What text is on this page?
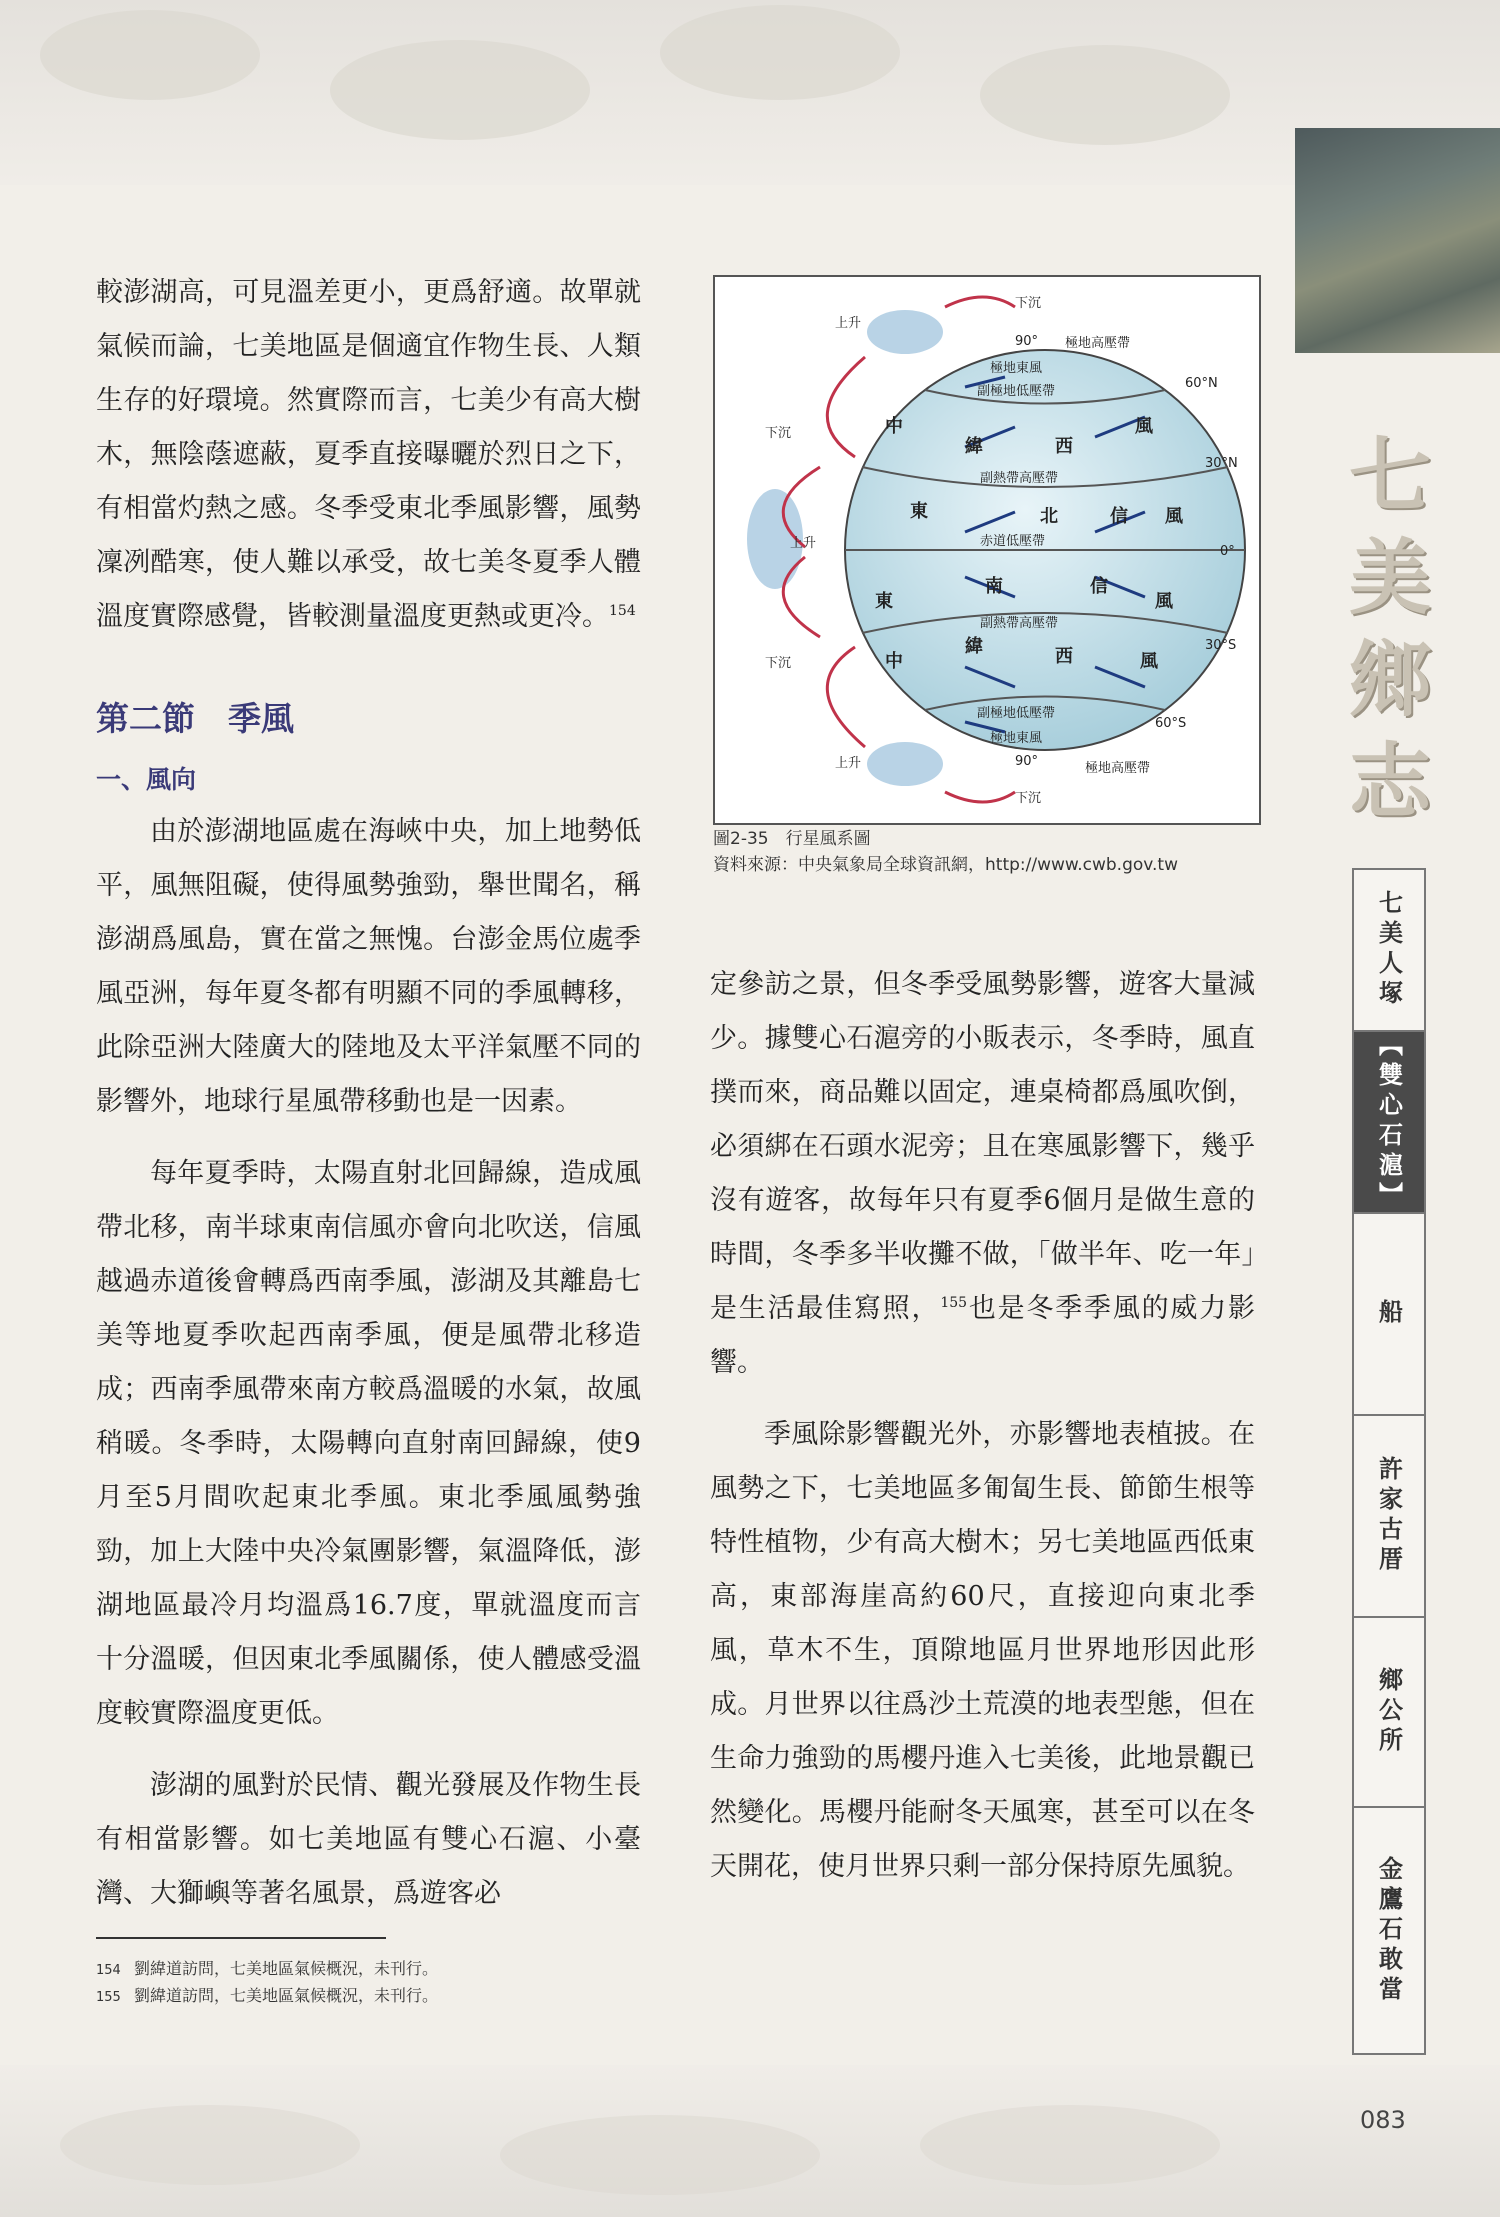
七
美
鄉
志
七美人塚
【雙心石滬】
船
許家古厝
鄉公所
金鷹石敢當

較澎湖高，可見溫差更小，更爲舒適。故單就氣候而論，七美地區是個適宜作物生長、人類生存的好環境。然實際而言，七美少有高大樹木，無陰蔭遮蔽，夏季直接曝曬於烈日之下，有相當灼熱之感。冬季受東北季風影響，風勢凜冽酷寒，使人難以承受，故七美冬夏季人體溫度實際感覺，皆較測量溫度更熱或更冷。$^{154}$

第二節　季風
一、風向

由於澎湖地區處在海峽中央，加上地勢低平，風無阻礙，使得風勢強勁，舉世聞名，稱澎湖爲風島，實在當之無愧。台澎金馬位處季風亞洲，每年夏冬都有明顯不同的季風轉移，此除亞洲大陸廣大的陸地及太平洋氣壓不同的影響外，地球行星風帶移動也是一因素。

每年夏季時，太陽直射北回歸線，造成風帶北移，南半球東南信風亦會向北吹送，信風越過赤道後會轉爲西南季風，澎湖及其離島七美等地夏季吹起西南季風，便是風帶北移造成；西南季風帶來南方較爲溫暖的水氣，故風稍暖。冬季時，太陽轉向直射南回歸線，使9月至5月間吹起東北季風。東北季風風勢強勁，加上大陸中央冷氣團影響，氣溫降低，澎湖地區最冷月均溫爲16.7度，單就溫度而言十分溫暖，但因東北季風關係，使人體感受溫度較實際溫度更低。

澎湖的風對於民情、觀光發展及作物生長有相當影響。如七美地區有雙心石滬、小臺灣、大獅嶼等著名風景，爲遊客必

下沉
下沉
下沉
下沉
上升
上升
上升
90°
90°
極地高壓帶
極地高壓帶
極地東風
極地東風
副極地低壓帶
副極地低壓帶
副熱帶高壓帶
副熱帶高壓帶
赤道低壓帶
60°N
30°N
0°
30°S
60°S
中
緯	西
風
東	北	信 風
東
南	信
風
中
緯	西	風
圖2-35　行星風系圖
資料來源：中央氣象局全球資訊網，http://www.cwb.gov.tw

定參訪之景，但冬季受風勢影響，遊客大量減少。據雙心石滬旁的小販表示，冬季時，風直撲而來，商品難以固定，連桌椅都爲風吹倒，必須綁在石頭水泥旁；且在寒風影響下，幾乎沒有遊客，故每年只有夏季6個月是做生意的時間，冬季多半收攤不做，「做半年、吃一年」是生活最佳寫照，$^{155}$也是冬季季風的威力影響。

季風除影響觀光外，亦影響地表植披。在風勢之下，七美地區多匍匐生長、節節生根等特性植物，少有高大樹木；另七美地區西低東高，東部海崖高約60尺，直接迎向東北季風，草木不生，頂隙地區月世界地形因此形成。月世界以往爲沙土荒漠的地表型態，但在生命力強勁的馬櫻丹進入七美後，此地景觀已然變化。馬櫻丹能耐冬天風寒，甚至可以在冬天開花，使月世界只剩一部分保持原先風貌。

154 劉緯道訪問，七美地區氣候概況，未刊行。
155 劉緯道訪問，七美地區氣候概況，未刊行。
083
